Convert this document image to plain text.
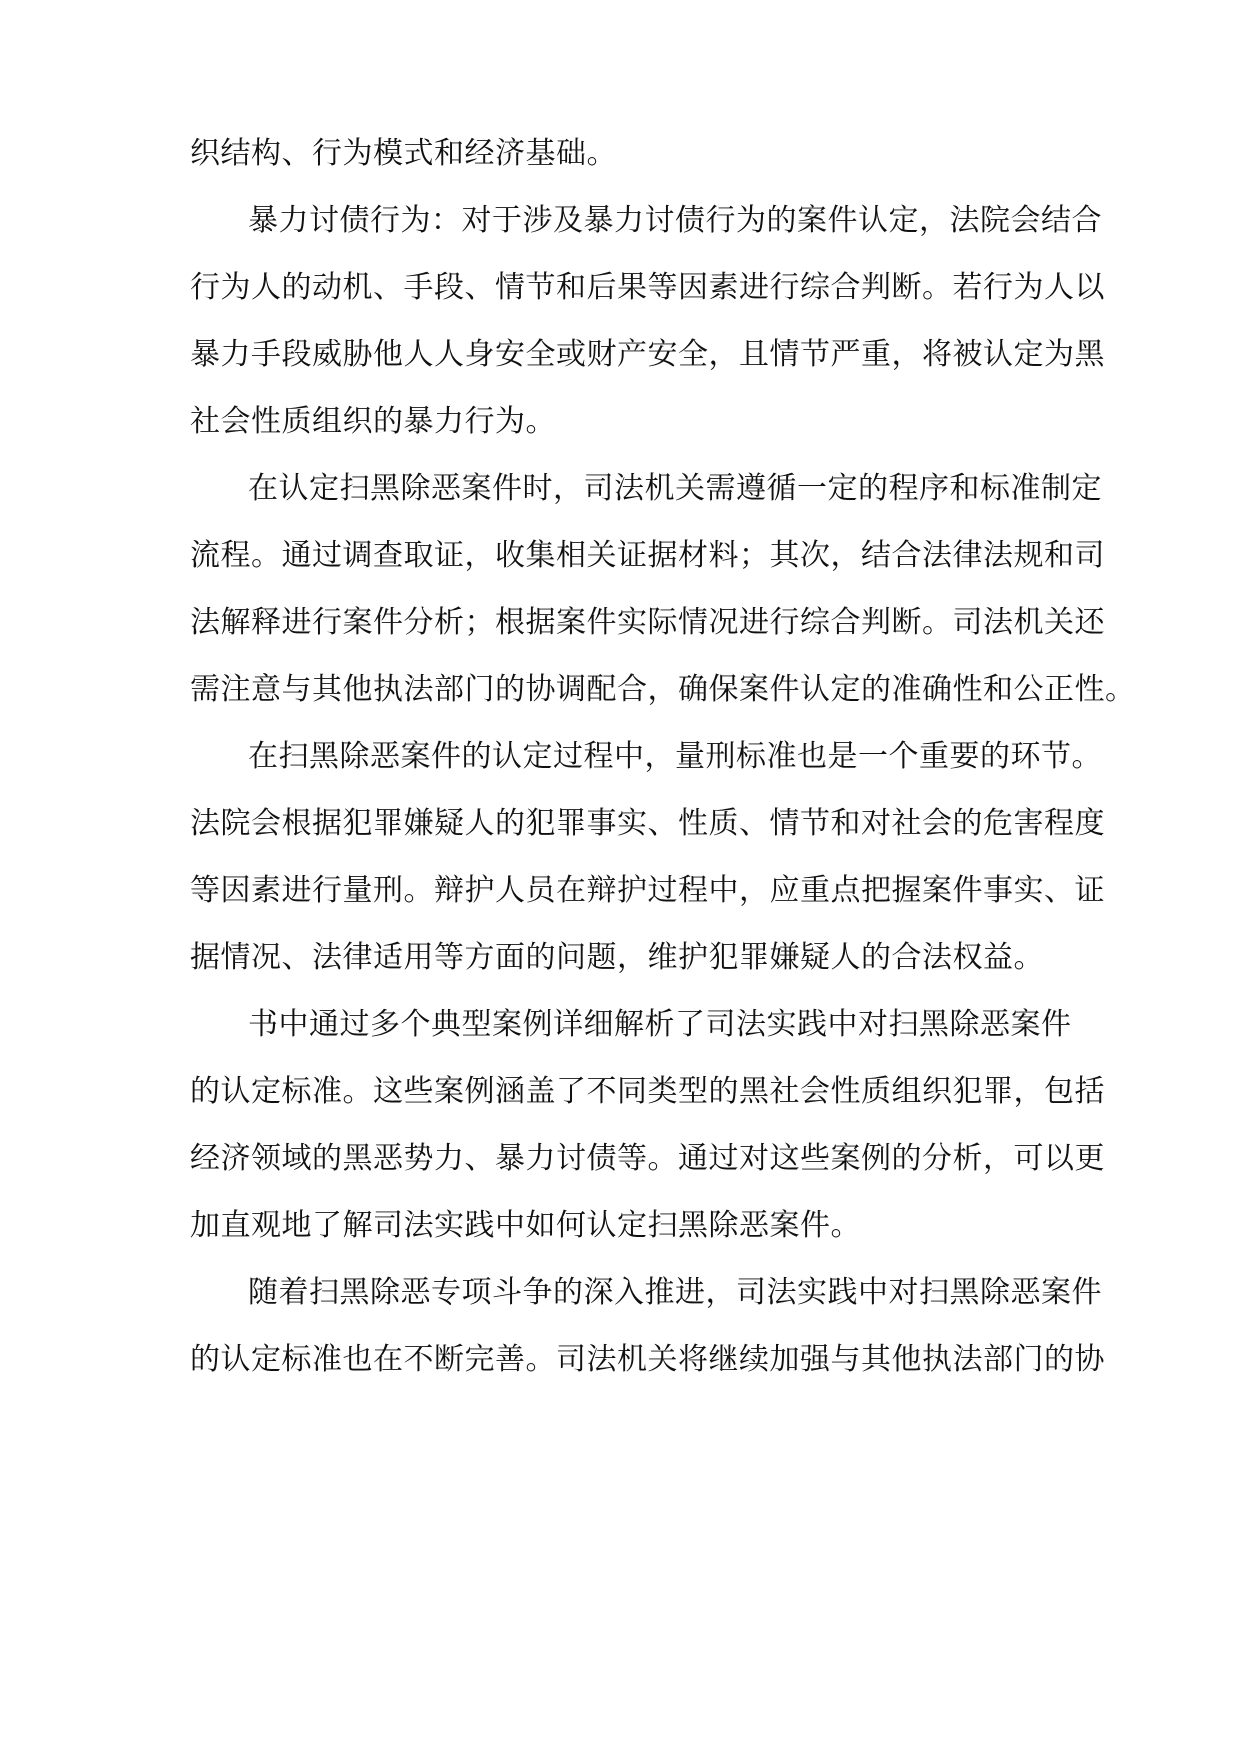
织结构、行为模式和经济基础。
暴力讨债行为：对于涉及暴力讨债行为的案件认定，法院会结合
行为人的动机、手段、情节和后果等因素进行综合判断。若行为人以
暴力手段威胁他人人身安全或财产安全，且情节严重，将被认定为黑
社会性质组织的暴力行为。
在认定扫黑除恶案件时，司法机关需遵循一定的程序和标准制定
流程。通过调查取证，收集相关证据材料；其次，结合法律法规和司
法解释进行案件分析；根据案件实际情况进行综合判断。司法机关还
需注意与其他执法部门的协调配合，确保案件认定的准确性和公正性。
在扫黑除恶案件的认定过程中，量刑标准也是一个重要的环节。
法院会根据犯罪嫌疑人的犯罪事实、性质、情节和对社会的危害程度
等因素进行量刑。辩护人员在辩护过程中，应重点把握案件事实、证
据情况、法律适用等方面的问题，维护犯罪嫌疑人的合法权益。
书中通过多个典型案例详细解析了司法实践中对扫黑除恶案件
的认定标准。这些案例涵盖了不同类型的黑社会性质组织犯罪，包括
经济领域的黑恶势力、暴力讨债等。通过对这些案例的分析，可以更
加直观地了解司法实践中如何认定扫黑除恶案件。
随着扫黑除恶专项斗争的深入推进，司法实践中对扫黑除恶案件
的认定标准也在不断完善。司法机关将继续加强与其他执法部门的协
